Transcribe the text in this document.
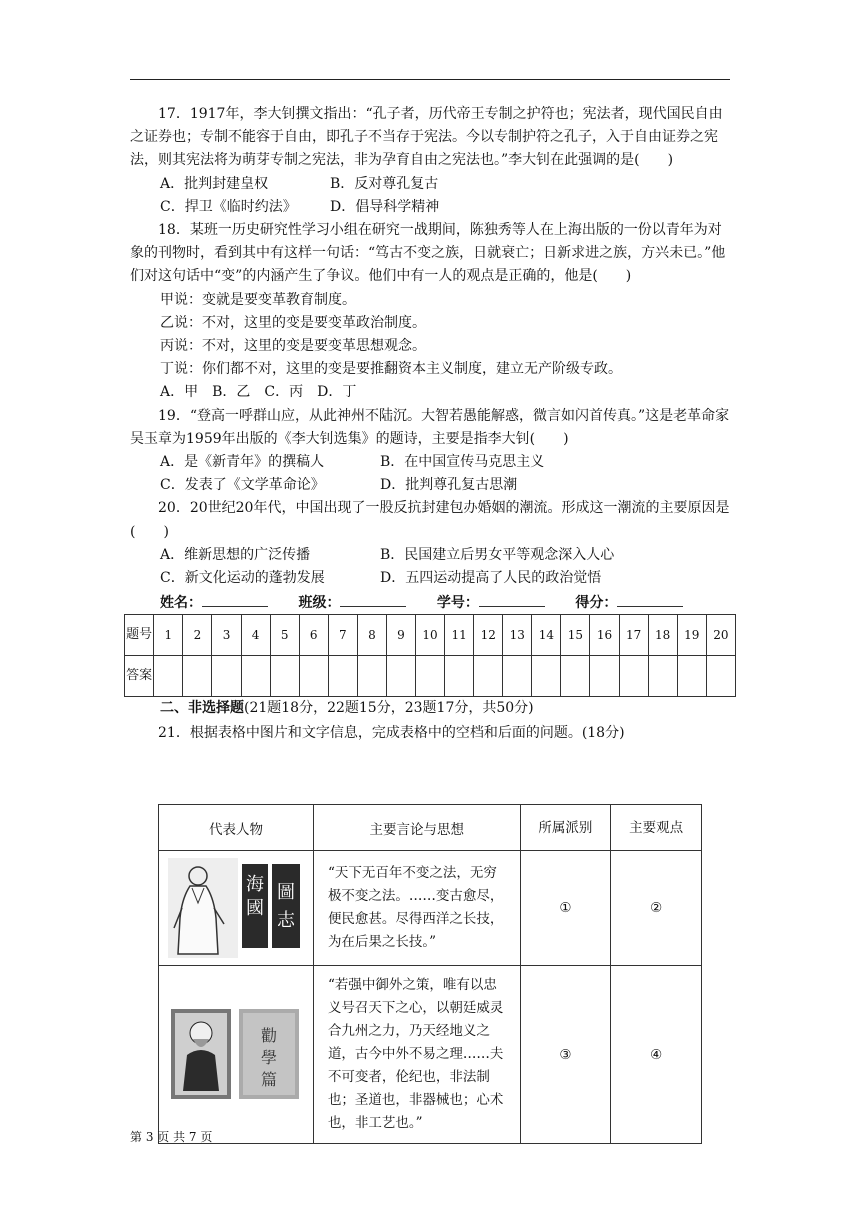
17．1917年，李大钊撰文指出：“孔子者，历代帝王专制之护符也；宪法者，现代国民自由之证券也；专制不能容于自由，即孔子不当存于宪法。今以专制护符之孔子，入于自由证券之宪法，则其宪法将为萌芽专制之宪法，非为孕育自由之宪法也。”李大钊在此强调的是(　　)

A．批判封建皇权	B．反对尊孔复古

C．捍卫《临时约法》 D．倡导科学精神

18．某班一历史研究性学习小组在研究一战期间，陈独秀等人在上海出版的一份以青年为对象的刊物时，看到其中有这样一句话：“笃古不变之族，日就衰亡；日新求进之族，方兴未已。”他们对这句话中“变”的内涵产生了争议。他们中有一人的观点是正确的，他是(　　)

甲说：变就是要变革教育制度。

乙说：不对，这里的变是要变革政治制度。

丙说：不对，这里的变是要变革思想观念。

丁说：你们都不对，这里的变是要推翻资本主义制度，建立无产阶级专政。

A．甲　B．乙　C．丙　D．丁

19．“登高一呼群山应，从此神州不陆沉。大智若愚能解惑，微言如闪首传真。”这是老革命家吴玉章为1959年出版的《李大钊选集》的题诗，主要是指李大钊(　　)

A．是《新青年》的撰稿人	B．在中国宣传马克思主义

C．发表了《文学革命论》	D．批判尊孔复古思潮

20．20世纪20年代，中国出现了一股反抗封建包办婚姻的潮流。形成这一潮流的主要原因是(　　)

A．维新思想的广泛传播	B．民国建立后男女平等观念深入人心

C．新文化运动的蓬勃发展	D．五四运动提高了人民的政治觉悟

姓名：	班级：	学号：	得分：
题号	1	2	3	4	5	6	7	8	9	10	11	12	13	14	15	16	17	18	19	20
答案																				

二、非选择题(21题18分，22题15分，23题17分，共50分)

21．根据表格中图片和文字信息，完成表格中的空档和后面的问题。(18分)

代表人物	主要言论与思想	所属派别	主要观点

海
國
圖
志	“天下无百年不变之法，无穷极不变之法。……变古愈尽，便民愈甚。尽得西洋之长技，为在后果之长技。”	①	②

勸
學
篇	“若强中御外之策，唯有以忠义号召天下之心，以朝廷威灵合九州之力，乃天经地义之道，古今中外不易之理……夫不可变者，伦纪也，非法制也；圣道也，非器械也；心术也，非工艺也。”	③	④
第 3 页 共 7 页
